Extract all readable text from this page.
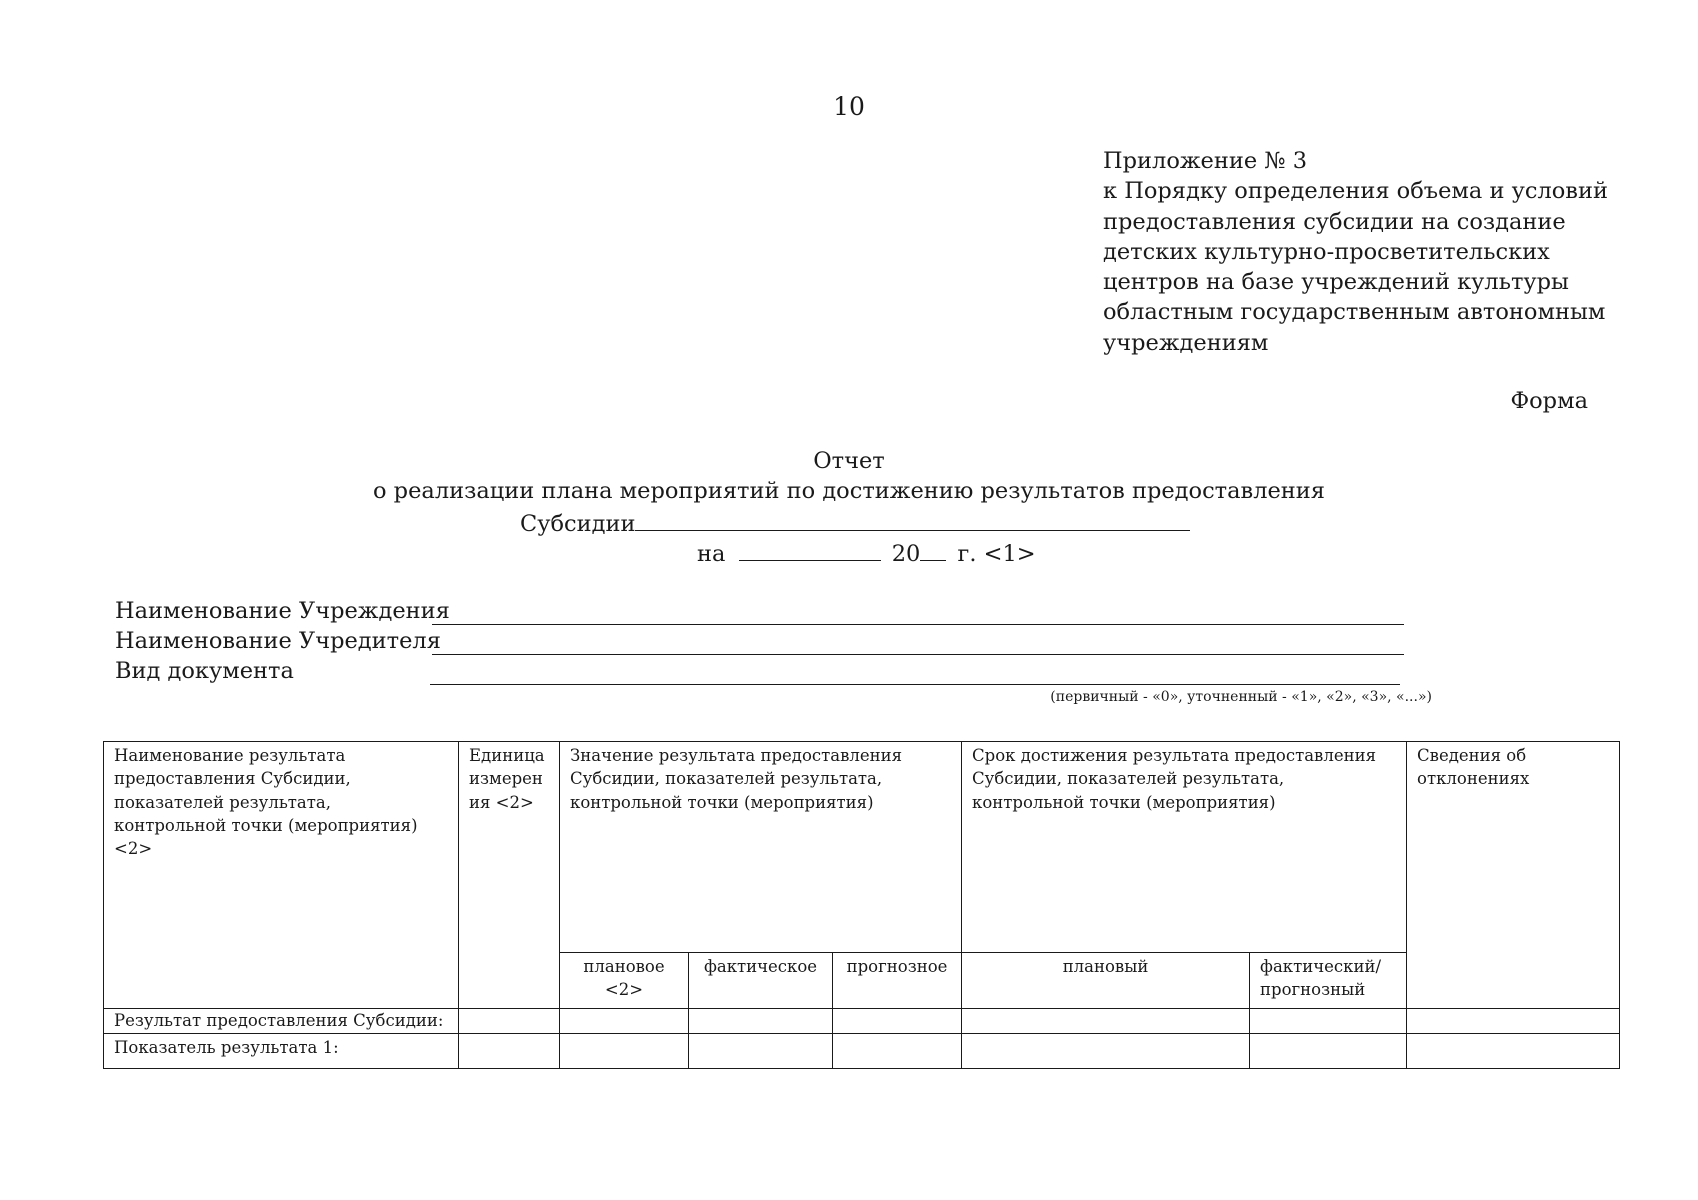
10
Приложение № 3
к Порядку определения объема и условий
предоставления субсидии на создание
детских культурно-просветительских
центров на базе учреждений культуры
областным государственным автономным
учреждениям
Форма
Отчет
о реализации плана мероприятий по достижению результатов предоставления
Субсидии
на	20 г. <1>
Наименование Учреждения
Наименование Учредителя
Вид документа
(первичный - «0», уточненный - «1», «2», «3», «...»)
Наименование результата предоставления Субсидии, показателей результата, контрольной точки (мероприятия) <2>	Единица измерен ия <2>	Значение результата предоставления Субсидии, показателей результата, контрольной точки (мероприятия)			Срок достижения результата предоставления Субсидии, показателей результата, контрольной точки (мероприятия)		Сведения об отклонениях
		плановое <2>	фактическое	прогнозное	плановый	фактический/ прогнозный	
Результат предоставления Субсидии:							
Показатель результата 1:							
